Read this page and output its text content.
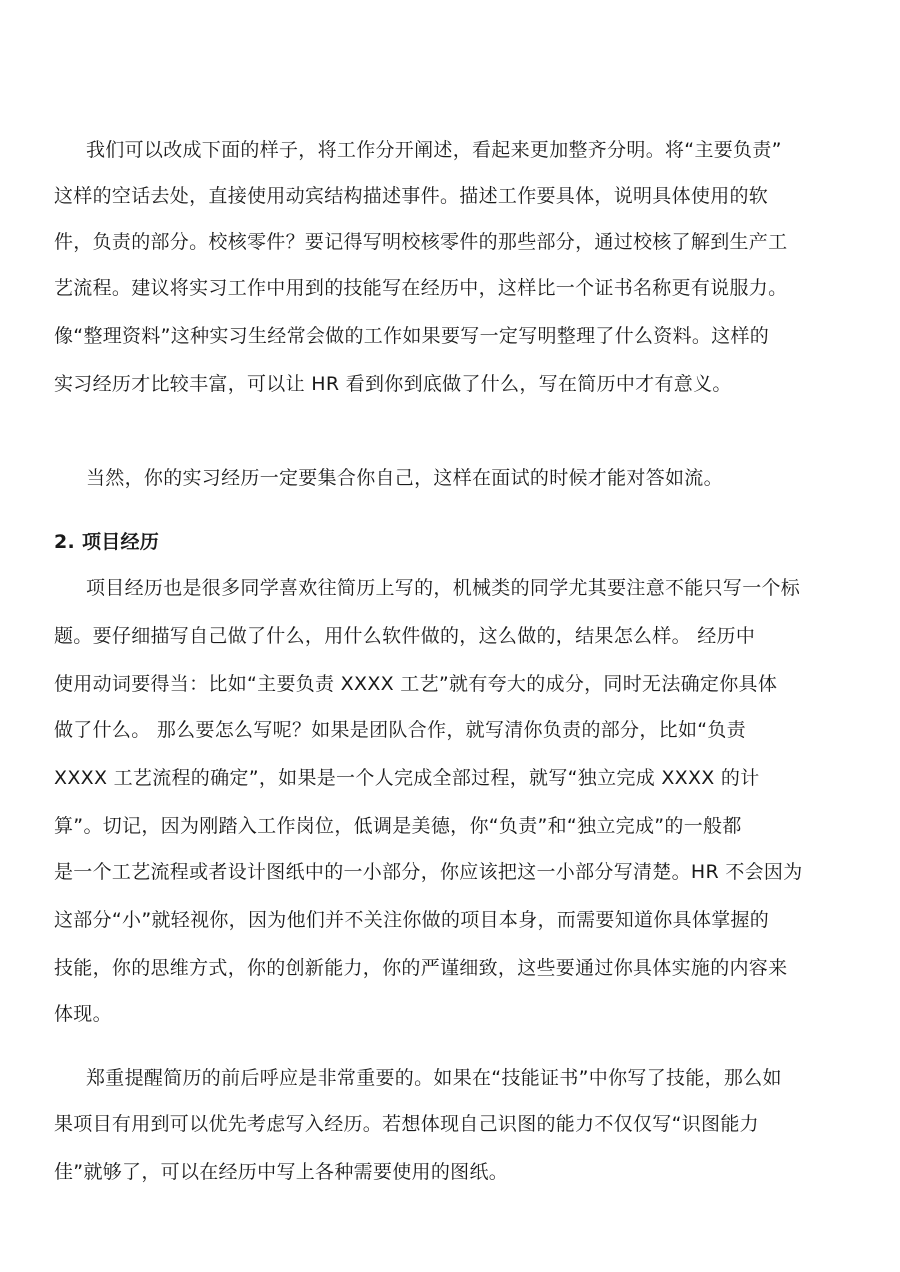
我们可以改成下面的样子，将工作分开阐述，看起来更加整齐分明。将“主要负责”
这样的空话去处，直接使用动宾结构描述事件。描述工作要具体，说明具体使用的软
件，负责的部分。校核零件？要记得写明校核零件的那些部分，通过校核了解到生产工
艺流程。建议将实习工作中用到的技能写在经历中，这样比一个证书名称更有说服力。
像“整理资料”这种实习生经常会做的工作如果要写一定写明整理了什么资料。这样的
实习经历才比较丰富，可以让 HR 看到你到底做了什么，写在简历中才有意义。
当然，你的实习经历一定要集合你自己，这样在面试的时候才能对答如流。
2. 项目经历
项目经历也是很多同学喜欢往简历上写的，机械类的同学尤其要注意不能只写一个标
题。要仔细描写自己做了什么，用什么软件做的，这么做的，结果怎么样。 经历中
使用动词要得当：比如“主要负责 XXXX 工艺”就有夸大的成分，同时无法确定你具体
做了什么。 那么要怎么写呢？如果是团队合作，就写清你负责的部分，比如“负责
XXXX 工艺流程的确定”，如果是一个人完成全部过程，就写“独立完成 XXXX 的计
算”。切记，因为刚踏入工作岗位，低调是美德，你“负责”和“独立完成”的一般都
是一个工艺流程或者设计图纸中的一小部分，你应该把这一小部分写清楚。HR 不会因为
这部分“小”就轻视你，因为他们并不关注你做的项目本身，而需要知道你具体掌握的
技能，你的思维方式，你的创新能力，你的严谨细致，这些要通过你具体实施的内容来
体现。
郑重提醒简历的前后呼应是非常重要的。如果在“技能证书”中你写了技能，那么如
果项目有用到可以优先考虑写入经历。若想体现自己识图的能力不仅仅写“识图能力
佳”就够了，可以在经历中写上各种需要使用的图纸。
